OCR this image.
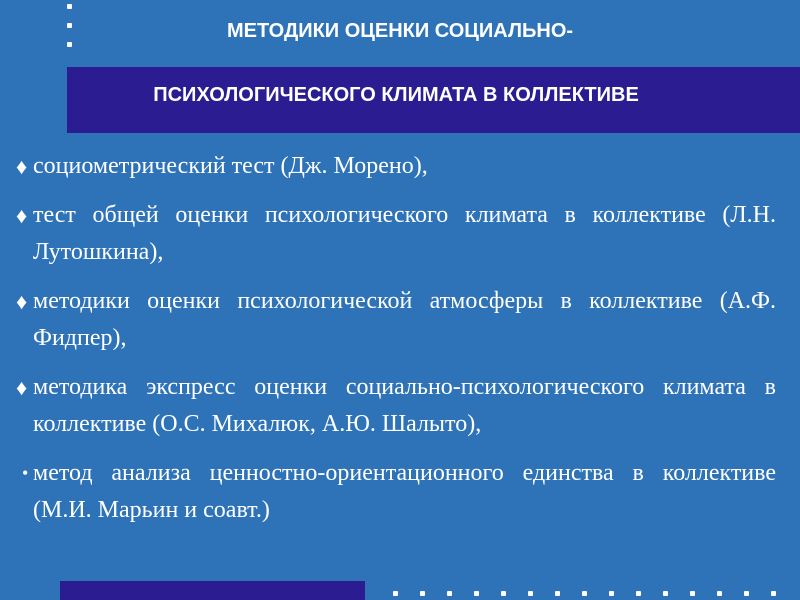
МЕТОДИКИ ОЦЕНКИ СОЦИАЛЬНО-
ПСИХОЛОГИЧЕСКОГО КЛИМАТА В КОЛЛЕКТИВЕ
♦ социометрический тест (Дж. Морено),
♦ тест общей оценки психологического климата в коллективе (Л.Н. Лутошкина),
♦ методики оценки психологической атмосферы в коллективе (А.Ф. Фидпер),
♦ методика экспресс оценки социально-психологического климата в коллективе (О.С. Михалюк, А.Ю. Шалыто),
• метод анализа ценностно-ориентационного единства в коллективе (М.И. Марьин и соавт.)
